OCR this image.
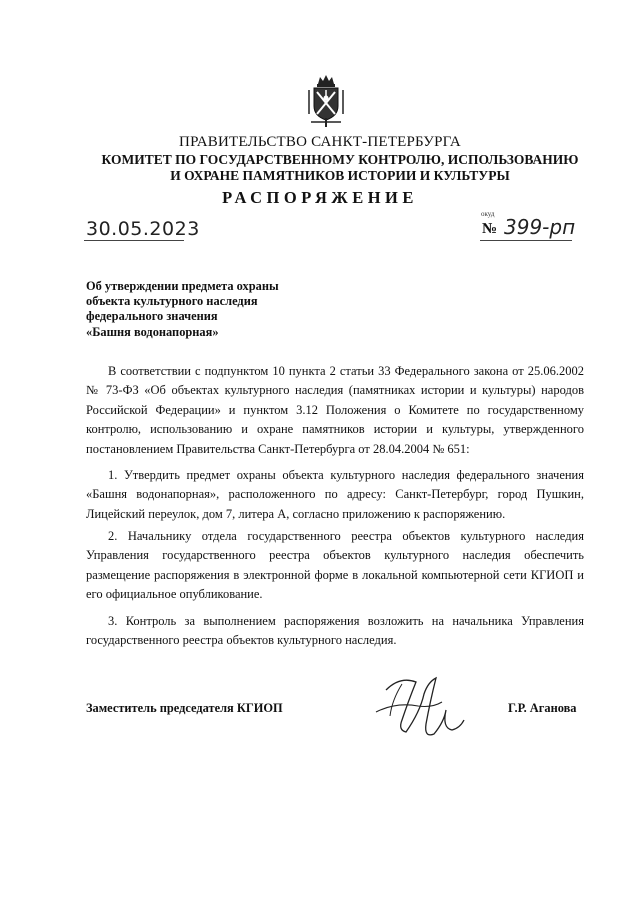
ПРАВИТЕЛЬСТВО САНКТ-ПЕТЕРБУРГА
КОМИТЕТ ПО ГОСУДАРСТВЕННОМУ КОНТРОЛЮ, ИСПОЛЬЗОВАНИЮ
И ОХРАНЕ ПАМЯТНИКОВ ИСТОРИИ И КУЛЬТУРЫ
РАСПОРЯЖЕНИЕ
30.05.2023
окуд
№ 399-рп
Об утверждении предмета охраны
объекта культурного наследия
федерального значения
«Башня водонапорная»
В соответствии с подпунктом 10 пункта 2 статьи 33 Федерального закона от 25.06.2002
№ 73-ФЗ «Об объектах культурного наследия (памятниках истории и культуры) народов
Российской Федерации» и пунктом 3.12 Положения о Комитете по государственному
контролю, использованию и охране памятников истории и культуры, утвержденного
постановлением Правительства Санкт-Петербурга от 28.04.2004 № 651:
1. Утвердить предмет охраны объекта культурного наследия федерального значения
«Башня водонапорная», расположенного по адресу: Санкт-Петербург, город Пушкин,
Лицейский переулок, дом 7, литера А, согласно приложению к распоряжению.
2. Начальнику отдела государственного реестра объектов культурного наследия
Управления государственного реестра объектов культурного наследия обеспечить
размещение распоряжения в электронной форме в локальной компьютерной сети КГИОП и
его официальное опубликование.
3. Контроль за выполнением распоряжения возложить на начальника Управления
государственного реестра объектов культурного наследия.
Заместитель председателя КГИОП	Г.Р. Аганова
